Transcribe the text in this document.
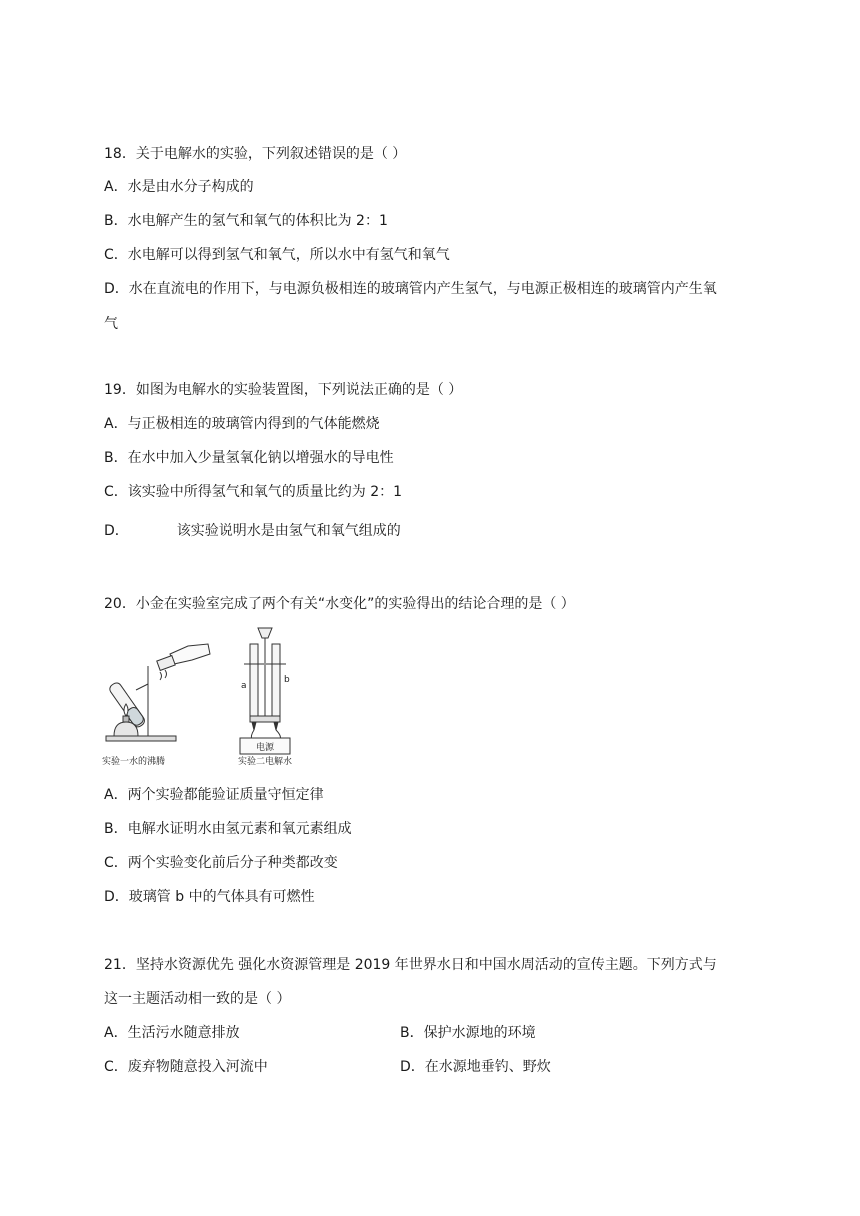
18．关于电解水的实验，下列叙述错误的是（ ）
A．水是由水分子构成的
B．水电解产生的氢气和氧气的体积比为 2：1
C．水电解可以得到氢气和氧气，所以水中有氢气和氧气
D．水在直流电的作用下，与电源负极相连的玻璃管内产生氢气，与电源正极相连的玻璃管内产生氧
气
19．如图为电解水的实验装置图，下列说法正确的是（ ）
A．与正极相连的玻璃管内得到的气体能燃烧
B．在水中加入少量氢氧化钠以增强水的导电性
C．该实验中所得氢气和氧气的质量比约为 2：1
D．	该实验说明水是由氢气和氧气组成的
20．小金在实验室完成了两个有关“水变化”的实验得出的结论合理的是（ ）
实验一水的沸腾
a
b
电源
实验二电解水
A．两个实验都能验证质量守恒定律
B．电解水证明水由氢元素和氧元素组成
C．两个实验变化前后分子种类都改变
D．玻璃管 b 中的气体具有可燃性
21．坚持水资源优先 强化水资源管理是 2019 年世界水日和中国水周活动的宣传主题。下列方式与
这一主题活动相一致的是（ ）
A．生活污水随意排放	B．保护水源地的环境
C．废弃物随意投入河流中	D．在水源地垂钓、野炊
